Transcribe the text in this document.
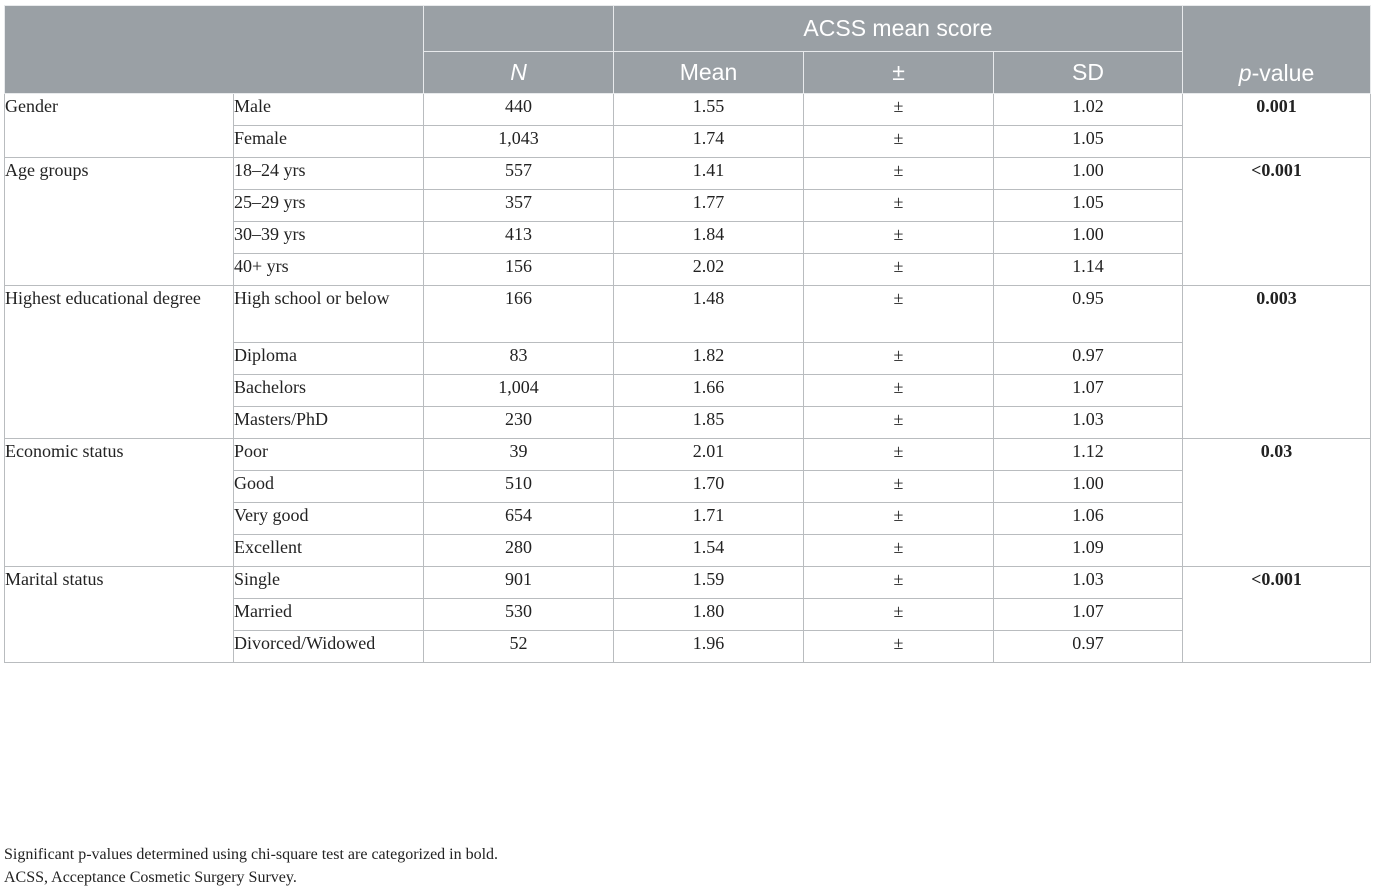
			ACSS mean score			p-value
		N	Mean	±	SD	
Gender	Male	440	1.55	±	1.02	0.001
	Female	1,043	1.74	±	1.05	
Age groups	18–24 yrs	557	1.41	±	1.00	<0.001
	25–29 yrs	357	1.77	±	1.05	
	30–39 yrs	413	1.84	±	1.00	
	40+ yrs	156	2.02	±	1.14	
Highest educational degree	High school or below	166	1.48	±	0.95	0.003
	Diploma	83	1.82	±	0.97	
	Bachelors	1,004	1.66	±	1.07	
	Masters/PhD	230	1.85	±	1.03	
Economic status	Poor	39	2.01	±	1.12	0.03
	Good	510	1.70	±	1.00	
	Very good	654	1.71	±	1.06	
	Excellent	280	1.54	±	1.09	
Marital status	Single	901	1.59	±	1.03	<0.001
	Married	530	1.80	±	1.07	
	Divorced/Widowed	52	1.96	±	0.97	

Significant p-values determined using chi-square test are categorized in bold.

ACSS, Acceptance Cosmetic Surgery Survey.
